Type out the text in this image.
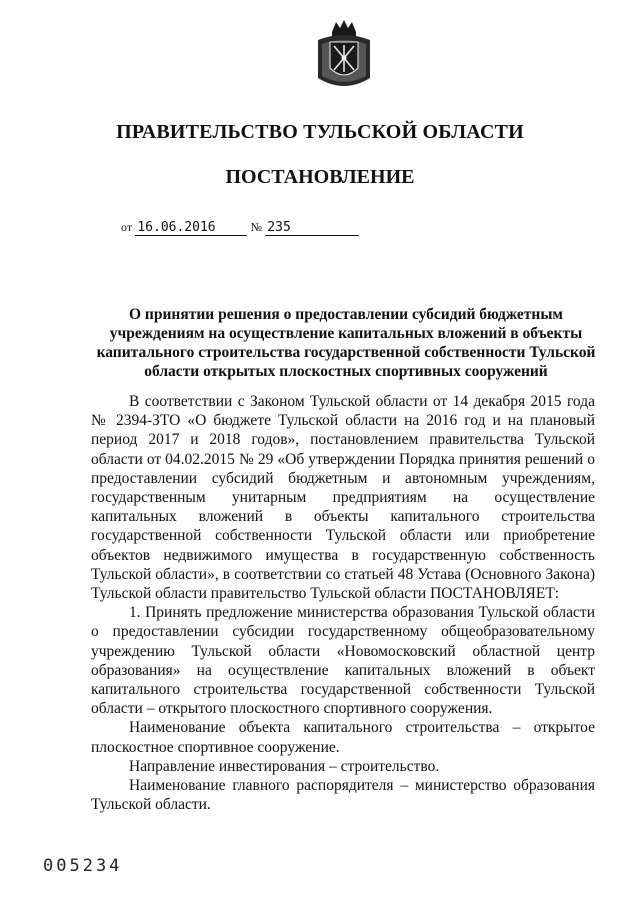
ПРАВИТЕЛЬСТВО ТУЛЬСКОЙ ОБЛАСТИ
ПОСТАНОВЛЕНИЕ
от 16.06.2016	№ 235
О принятии решения о предоставлении субсидий бюджетным учреждениям на осуществление капитальных вложений в объекты капитального строительства государственной собственности Тульской области открытых плоскостных спортивных сооружений

В соответствии с Законом Тульской области от 14 декабря 2015 года № 2394-ЗТО «О бюджете Тульской области на 2016 год и на плановый период 2017 и 2018 годов», постановлением правительства Тульской области от 04.02.2015 № 29 «Об утверждении Порядка принятия решений о предоставлении субсидий бюджетным и автономным учреждениям, государственным унитарным предприятиям на осуществление капитальных вложений в объекты капитального строительства государственной собственности Тульской области или приобретение объектов недвижимого имущества в государственную собственность Тульской области», в соответствии со статьей 48 Устава (Основного Закона) Тульской области правительство Тульской области ПОСТАНОВЛЯЕТ:

1. Принять предложение министерства образования Тульской области о предоставлении субсидии государственному общеобразовательному учреждению Тульской области «Новомосковский областной центр образования» на осуществление капитальных вложений в объект капитального строительства государственной собственности Тульской области – открытого плоскостного спортивного сооружения.

Наименование объекта капитального строительства – открытое плоскостное спортивное сооружение.

Направление инвестирования – строительство.

Наименование главного распорядителя – министерство образования Тульской области.

005234
